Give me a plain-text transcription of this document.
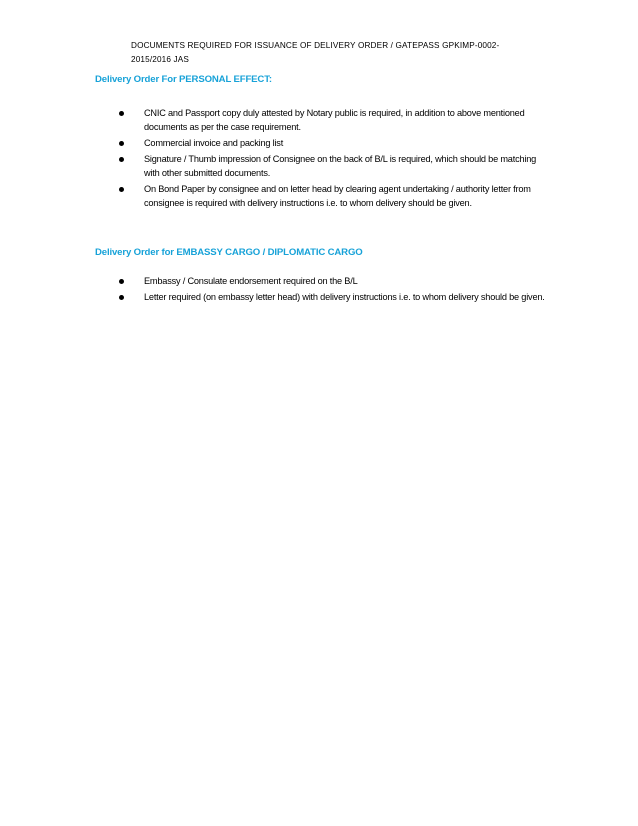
DOCUMENTS REQUIRED FOR ISSUANCE OF DELIVERY ORDER / GATEPASS GPKIMP-0002-
2015/2016 JAS
Delivery Order For PERSONAL EFFECT:
CNIC and Passport copy duly attested by Notary public is required, in addition to above mentioned documents as per the case requirement.
Commercial invoice and packing list
Signature / Thumb impression of Consignee on the back of B/L is required, which should be matching with other submitted documents.
On Bond Paper by consignee and on letter head by clearing agent undertaking / authority letter from consignee is required with delivery instructions i.e. to whom delivery should be given.
Delivery Order for EMBASSY CARGO / DIPLOMATIC CARGO
Embassy / Consulate endorsement required on the B/L
Letter required (on embassy letter head) with delivery instructions i.e. to whom delivery should be given.
